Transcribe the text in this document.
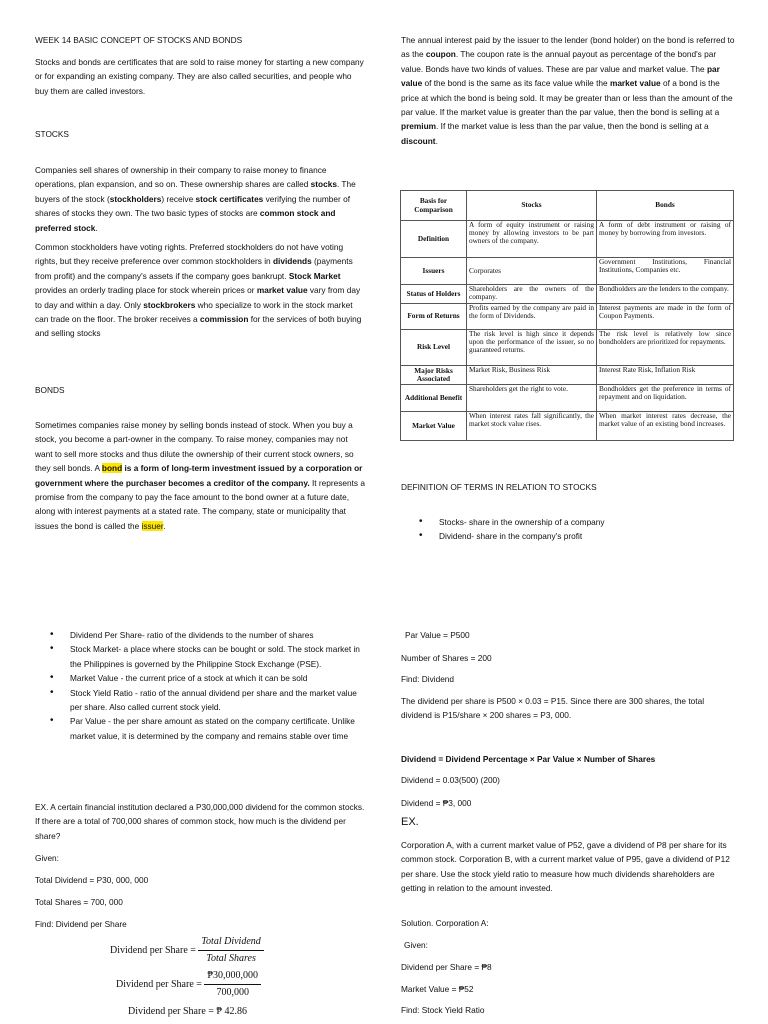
WEEK 14 BASIC CONCEPT OF STOCKS AND BONDS

Stocks and bonds are certificates that are sold to raise money for starting a new company or for expanding an existing company. They are also called securities, and people who buy them are called investors.

STOCKS

Companies sell shares of ownership in their company to raise money to finance operations, plan expansion, and so on. These ownership shares are called stocks. The buyers of the stock (stockholders) receive stock certificates verifying the number of shares of stocks they own. The two basic types of stocks are common stock and preferred stock.

Common stockholders have voting rights. Preferred stockholders do not have voting rights, but they receive preference over common stockholders in dividends (payments from profit) and the company's assets if the company goes bankrupt. Stock Market provides an orderly trading place for stock wherein prices or market value vary from day to day and within a day. Only stockbrokers who specialize to work in the stock market can trade on the floor. The broker receives a commission for the services of both buying and selling stocks

BONDS

Sometimes companies raise money by selling bonds instead of stock. When you buy a stock, you become a part-owner in the company. To raise money, companies may not want to sell more stocks and thus dilute the ownership of their current stock owners, so they sell bonds. A bond is a form of long-term investment issued by a corporation or government where the purchaser becomes a creditor of the company. It represents a promise from the company to pay the face amount to the bond owner at a future date, along with interest payments at a stated rate. The company, state or municipality that issues the bond is called the issuer.

The annual interest paid by the issuer to the lender (bond holder) on the bond is referred to as the coupon. The coupon rate is the annual payout as percentage of the bond's par value. Bonds have two kinds of values. These are par value and market value. The par value of the bond is the same as its face value while the market value of a bond is the price at which the bond is being sold. It may be greater than or less than the amount of the par value. If the market value is greater than the par value, then the bond is selling at a premium. If the market value is less than the par value, then the bond is selling at a discount.

Basis for Comparison	Stocks	Bonds
Definition	A form of equity instrument or raising money by allowing investors to be part owners of the company.	A form of debt instrument or raising of money by borrowing from investors.
Issuers	Corporates	Government Institutions, Financial Institutions, Companies etc.
Status of Holders	Shareholders are the owners of the company.	Bondholders are the lenders to the company.
Form of Returns	Profits earned by the company are paid in the form of Dividends.	Interest payments are made in the form of Coupon Payments.
Risk Level	The risk level is high since it depends upon the performance of the issuer, so no guaranteed returns.	The risk level is relatively low since bondholders are prioritized for repayments.
Major Risks Associated	Market Risk, Business Risk	Interest Rate Risk, Inflation Risk
Additional Benefit	Shareholders get the right to vote.	Bondholders get the preference in terms of repayment and on liquidation.
Market Value	When interest rates fall significantly, the market stock value rises.	When market interest rates decrease, the market value of an existing bond increases.
DEFINITION OF TERMS IN RELATION TO STOCKS
• Stocks- share in the ownership of a company
• Dividend- share in the company's profit
• Dividend Per Share- ratio of the dividends to the number of shares
• Stock Market- a place where stocks can be bought or sold. The stock market in the Philippines is governed by the Philippine Stock Exchange (PSE).
• Market Value - the current price of a stock at which it can be sold
• Stock Yield Ratio - ratio of the annual dividend per share and the market value per share. Also called current stock yield.
• Par Value - the per share amount as stated on the company certificate. Unlike market value, it is determined by the company and remains stable over time

EX. A certain financial institution declared a P30,000,000 dividend for the common stocks. If there are a total of 700,000 shares of common stock, how much is the dividend per share?

Given:
Total Dividend = P30, 000, 000
Total Shares = 700, 000
Find: Dividend per Share
Dividend per Share = $\frac{\text{Total Dividend}}{\text{Total Shares}}$
Dividend per Share = $\frac{₱30,000,000}{700,000}$
Dividend per Share = ₱ 42.86
Par Value = P500
Number of Shares = 200
Find: Dividend

The dividend per share is P500 × 0.03 = P15. Since there are 300 shares, the total dividend is P15/share × 200 shares = P3, 000.

Dividend = Dividend Percentage × Par Value × Number of Shares
Dividend = 0.03(500) (200)
Dividend = ₱3, 000
EX.

Corporation A, with a current market value of P52, gave a dividend of P8 per share for its common stock. Corporation B, with a current market value of P95, gave a dividend of P12 per share. Use the stock yield ratio to measure how much dividends shareholders are getting in relation to the amount invested.

Solution. Corporation A:
Given:
Dividend per Share = ₱8
Market Value = ₱52
Find: Stock Yield Ratio
